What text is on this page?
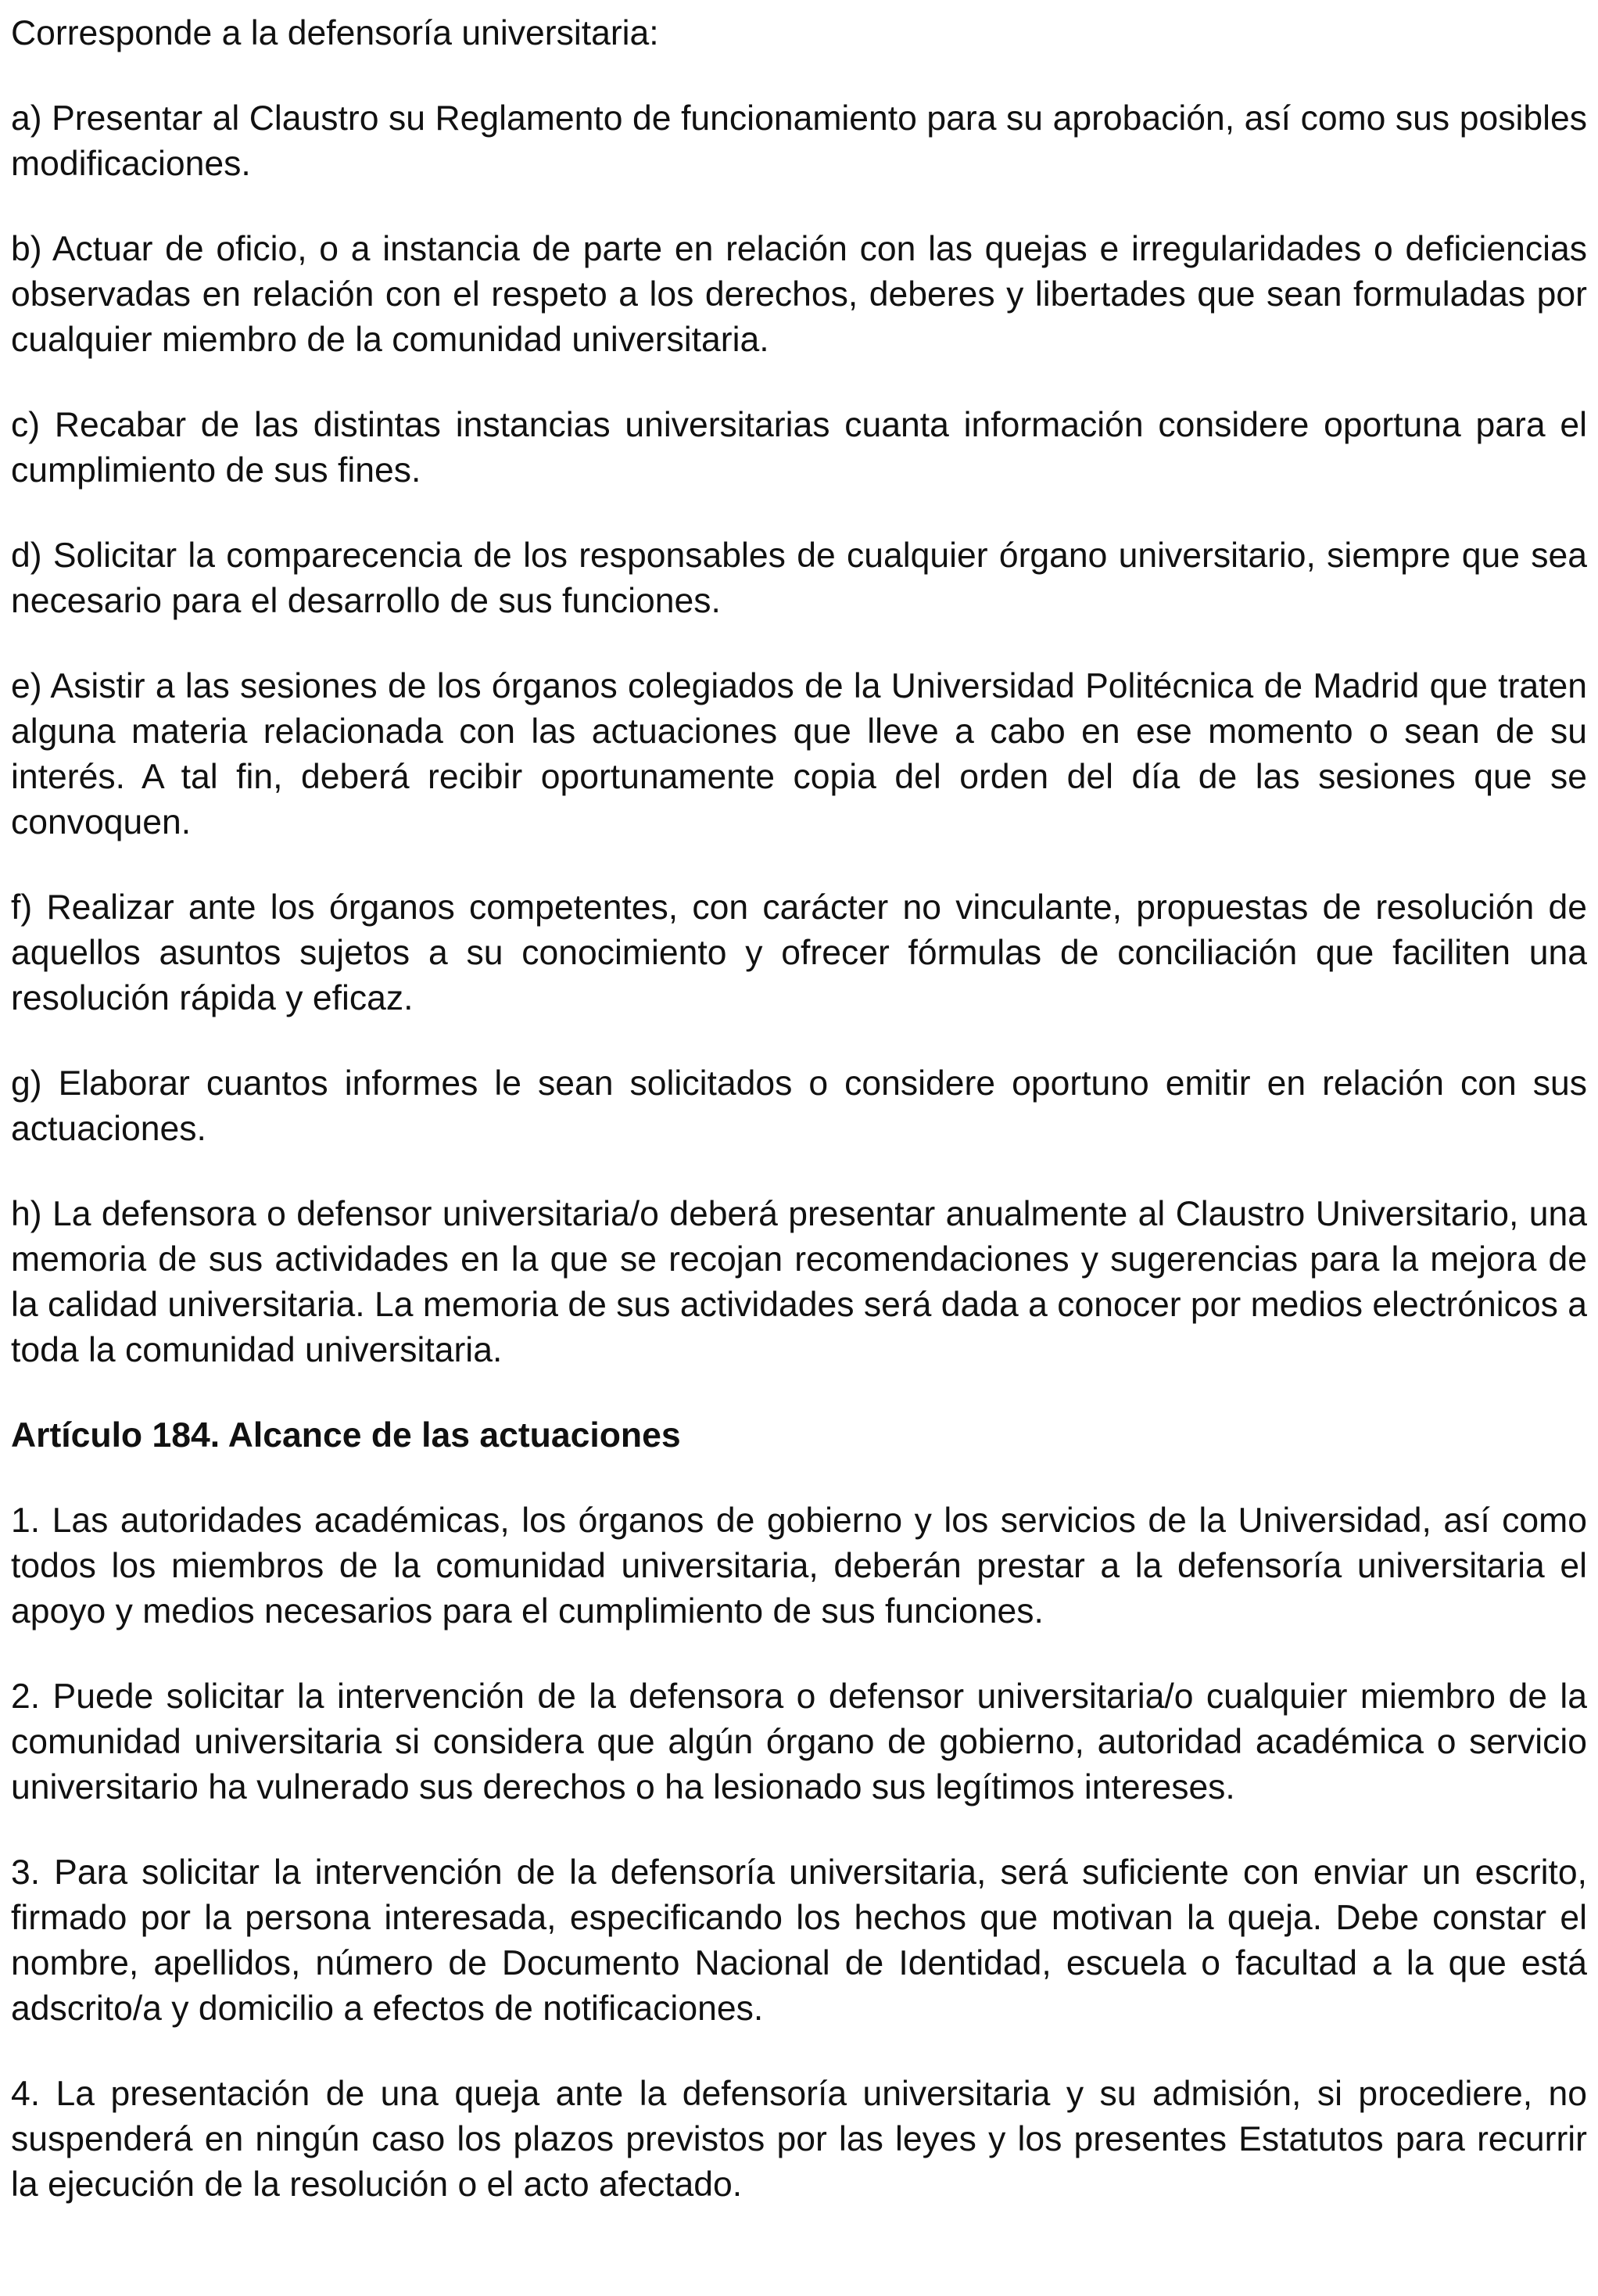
Corresponde a la defensoría universitaria:

a) Presentar al Claustro su Reglamento de funcionamiento para su aprobación, así como sus posibles modificaciones.

b) Actuar de oficio, o a instancia de parte en relación con las quejas e irregularidades o deficiencias observadas en relación con el respeto a los derechos, deberes y libertades que sean formuladas por cualquier miembro de la comunidad universitaria.

c) Recabar de las distintas instancias universitarias cuanta información considere oportuna para el cumplimiento de sus fines.

d) Solicitar la comparecencia de los responsables de cualquier órgano universitario, siempre que sea necesario para el desarrollo de sus funciones.

e) Asistir a las sesiones de los órganos colegiados de la Universidad Politécnica de Madrid que traten alguna materia relacionada con las actuaciones que lleve a cabo en ese momento o sean de su interés. A tal fin, deberá recibir oportunamente copia del orden del día de las sesiones que se convoquen.

f) Realizar ante los órganos competentes, con carácter no vinculante, propuestas de resolución de aquellos asuntos sujetos a su conocimiento y ofrecer fórmulas de conciliación que faciliten una resolución rápida y eficaz.

g) Elaborar cuantos informes le sean solicitados o considere oportuno emitir en relación con sus actuaciones.

h) La defensora o defensor universitaria/o deberá presentar anualmente al Claustro Universitario, una memoria de sus actividades en la que se recojan recomendaciones y sugerencias para la mejora de la calidad universitaria. La memoria de sus actividades será dada a conocer por medios electrónicos a toda la comunidad universitaria.

Artículo 184. Alcance de las actuaciones

1. Las autoridades académicas, los órganos de gobierno y los servicios de la Universidad, así como todos los miembros de la comunidad universitaria, deberán prestar a la defensoría universitaria el apoyo y medios necesarios para el cumplimiento de sus funciones.

2. Puede solicitar la intervención de la defensora o defensor universitaria/o cualquier miembro de la comunidad universitaria si considera que algún órgano de gobierno, autoridad académica o servicio universitario ha vulnerado sus derechos o ha lesionado sus legítimos intereses.

3. Para solicitar la intervención de la defensoría universitaria, será suficiente con enviar un escrito, firmado por la persona interesada, especificando los hechos que motivan la queja. Debe constar el nombre, apellidos, número de Documento Nacional de Identidad, escuela o facultad a la que está adscrito/a y domicilio a efectos de notificaciones.

4. La presentación de una queja ante la defensoría universitaria y su admisión, si procediere, no suspenderá en ningún caso los plazos previstos por las leyes y los presentes Estatutos para recurrir la ejecución de la resolución o el acto afectado.
